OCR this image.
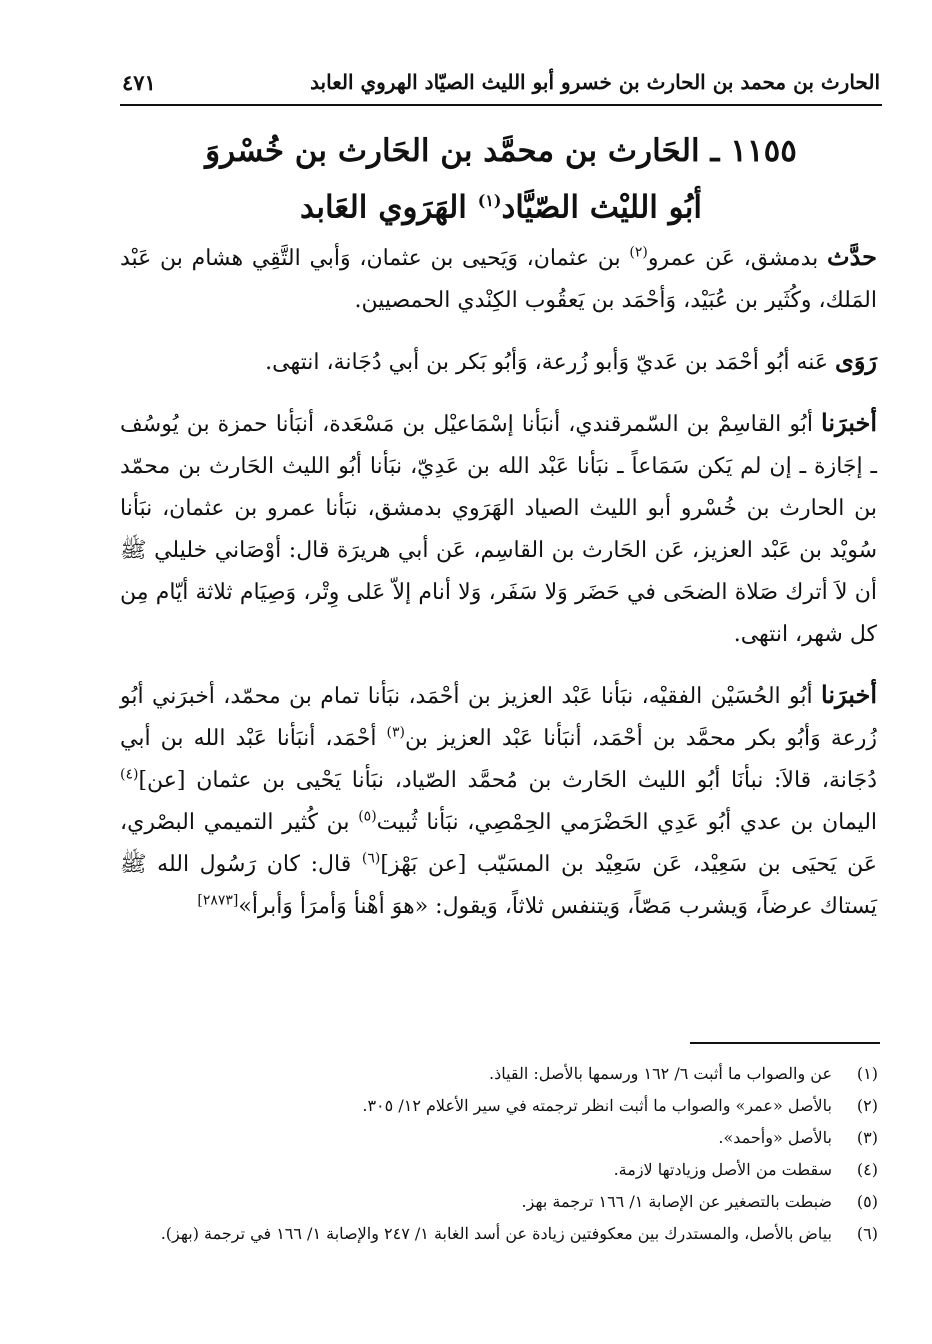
الحارث بن محمد بن الحارث بن خسرو أبو الليث الصيّاد الهروي العابد
٤٧١
١١٥٥ ـ الحَارث بن محمَّد بن الحَارث بن خُسْروَ
أبُو الليْث الصّيَّاد$^{(١)}$ الهَرَوي العَابد

حدَّث بدمشق، عَن عمرو$^{(٢)}$ بن عثمان، وَيَحيى بن عثمان، وَأبي التَّقِي هشام بن عَبْد المَلك، وكُثَير بن عُبَيْد، وَأحْمَد بن يَعقُوب الكِنْدي الحمصيين.

رَوَى عَنه أبُو أحْمَد بن عَديّ وَأبو زُرعة، وَأبُو بَكر بن أبي دُجَانة، انتهى.

أخبرَنا أبُو القاسِمْ بن السّمرقندي، أنبَأنا إسْمَاعيْل بن مَسْعَدة، أنبَأنا حمزة بن يُوسُف ـ إجَازة ـ إن لم يَكن سَمَاعاً ـ نبَأنا عَبْد الله بن عَدِيّ، نبَأنا أبُو الليث الحَارث بن محمّد بن الحارث بن خُسْرو أبو الليث الصياد الهَرَوي بدمشق، نبَأنا عمرو بن عثمان، نبَأنا سُويْد بن عَبْد العزيز، عَن الحَارث بن القاسِم، عَن أبي هريرَة قال: أوْصَاني خليلي ﷺ أن لاَ أترك صَلاة الضحَى في حَضَر وَلا سَفَر، وَلا أنام إلاّ عَلى وِتْر، وَصِيَام ثلاثة أيّام مِن كل شهر، انتهى.

أخبرَنا أبُو الحُسَيْن الفقيْه، نبَأنا عَبْد العزيز بن أحْمَد، نبَأنا تمام بن محمّد، أخبرَني أبُو زُرعة وَأبُو بكر محمَّد بن أحْمَد، أنبَأنا عَبْد العزيز بن$^{(٣)}$ أحْمَد، أنبَأنا عَبْد الله بن أبي دُجَانة، قالاَ: نبأنَا أبُو الليث الحَارث بن مُحمَّد الصّياد، نبَأنا يَحْيى بن عثمان [عن]$^{(٤)}$ اليمان بن عدي أبُو عَدِي الحَضْرَمي الحِمْصِي، نبَأنا ثُبيت$^{(٥)}$ بن كُثير التميمي البصْري، عَن يَحيَى بن سَعِيْد، عَن سَعِيْد بن المسَيّب [عن بَهْز]$^{(٦)}$ قال: كان رَسُول الله ﷺ يَستاك عرضاً، وَيشرب مَصّاً، وَيتنفس ثلاثاً، وَيقول: «هوَ أهْنأ وَأمرَأ وَأبرأ»[٢٨٧٣]

(١)
عن والصواب ما أثبت ٦/ ١٦٢ ورسمها بالأصل: القياذ.
(٢)
بالأصل «عمر» والصواب ما أثبت انظر ترجمته في سير الأعلام ١٢/ ٣٠٥.
(٣)
بالأصل «وأحمد».
(٤)
سقطت من الأصل وزيادتها لازمة.
(٥)
ضبطت بالتصغير عن الإصابة ١/ ١٦٦ ترجمة بهز.
(٦)
بياض بالأصل، والمستدرك بين معكوفتين زيادة عن أسد الغابة ١/ ٢٤٧ والإصابة ١/ ١٦٦ في ترجمة (بهز).
